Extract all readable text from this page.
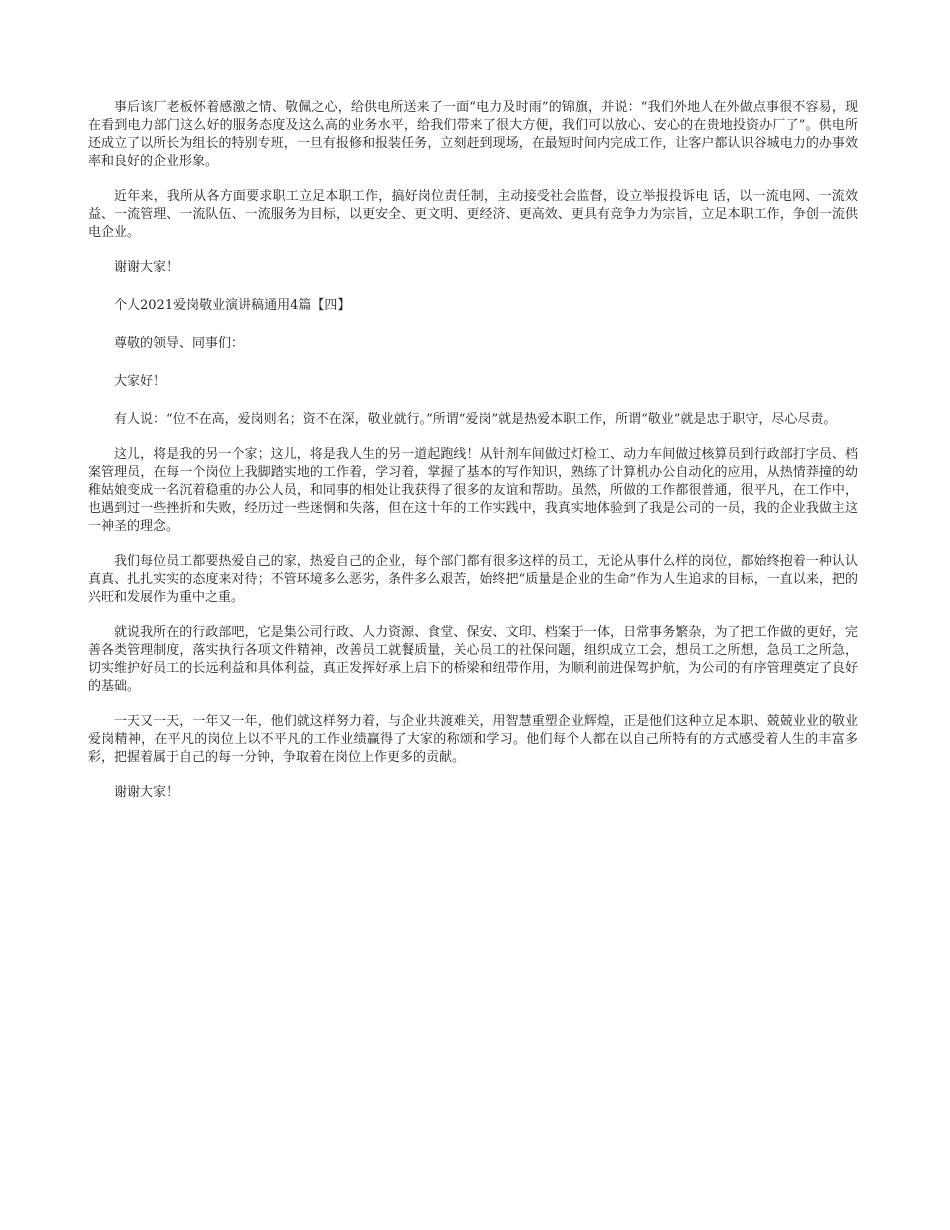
事后该厂老板怀着感激之情、敬佩之心，给供电所送来了一面“电力及时雨”的锦旗，并说：“我们外地人在外做点事很不容易，现在看到电力部门这么好的服务态度及这么高的业务水平，给我们带来了很大方便，我们可以放心、安心的在贵地投资办厂了”。供电所还成立了以所长为组长的特别专班，一旦有报修和报装任务，立刻赶到现场，在最短时间内完成工作，让客户都认识谷城电力的办事效率和良好的企业形象。

近年来，我所从各方面要求职工立足本职工作，搞好岗位责任制，主动接受社会监督，设立举报投诉电 话，以一流电网、一流效益、一流管理、一流队伍、一流服务为目标，以更安全、更文明、更经济、更高效、更具有竞争力为宗旨，立足本职工作，争创一流供电企业。

谢谢大家！

个人2021爱岗敬业演讲稿通用4篇【四】

尊敬的领导、同事们：

大家好！

有人说：“位不在高，爱岗则名；资不在深，敬业就行。”所谓“爱岗”就是热爱本职工作，所谓“敬业”就是忠于职守，尽心尽责。

这儿，将是我的另一个家；这儿，将是我人生的另一道起跑线！从针剂车间做过灯检工、动力车间做过核算员到行政部打字员、档案管理员，在每一个岗位上我脚踏实地的工作着，学习着，掌握了基本的写作知识，熟练了计算机办公自动化的应用，从热情莽撞的幼稚姑娘变成一名沉着稳重的办公人员，和同事的相处让我获得了很多的友谊和帮助。虽然，所做的工作都很普通，很平凡，在工作中，也遇到过一些挫折和失败，经历过一些迷惘和失落，但在这十年的工作实践中，我真实地体验到了我是公司的一员，我的企业我做主这一神圣的理念。

我们每位员工都要热爱自己的家，热爱自己的企业，每个部门都有很多这样的员工，无论从事什么样的岗位，都始终抱着一种认认真真、扎扎实实的态度来对待；不管环境多么恶劣，条件多么艰苦，始终把“质量是企业的生命”作为人生追求的目标，一直以来，把的兴旺和发展作为重中之重。

就说我所在的行政部吧，它是集公司行政、人力资源、食堂、保安、文印、档案于一体，日常事务繁杂，为了把工作做的更好，完善各类管理制度，落实执行各项文件精神，改善员工就餐质量，关心员工的社保问题，组织成立工会，想员工之所想，急员工之所急，切实维护好员工的长远利益和具体利益，真正发挥好承上启下的桥梁和纽带作用，为顺利前进保驾护航，为公司的有序管理奠定了良好的基础。

一天又一天，一年又一年，他们就这样努力着，与企业共渡难关，用智慧重塑企业辉煌，正是他们这种立足本职、兢兢业业的敬业爱岗精神，在平凡的岗位上以不平凡的工作业绩赢得了大家的称颂和学习。他们每个人都在以自己所特有的方式感受着人生的丰富多彩，把握着属于自己的每一分钟，争取着在岗位上作更多的贡献。

谢谢大家！
